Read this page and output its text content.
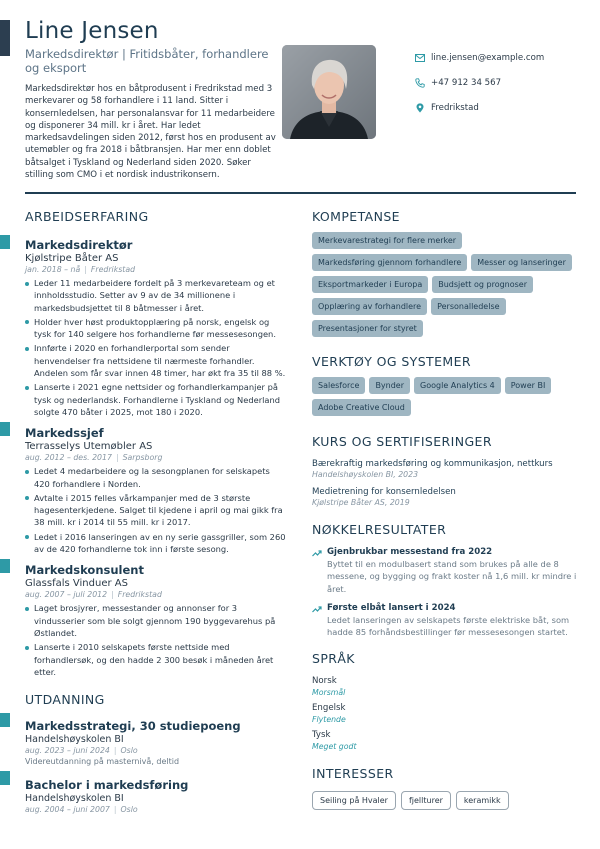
Line Jensen
Markedsdirektør | Fritidsbåter, forhandlere og eksport
Markedsdirektør hos en båtprodusent i Fredrikstad med 3 merkevarer og 58 forhandlere i 11 land. Sitter i konsernledelsen, har personalansvar for 11 medarbeidere og disponerer 34 mill. kr i året. Har ledet markedsavdelingen siden 2012, først hos en produsent av utemøbler og fra 2018 i båtbransjen. Har mer enn doblet båtsalget i Tyskland og Nederland siden 2020. Søker stilling som CMO i et nordisk industrikonsern.
line.jensen@example.com
+47 912 34 567
Fredrikstad
ARBEIDSERFARING
Markedsdirektør
Kjølstripe Båter AS
jan. 2018 – nå | Fredrikstad
Leder 11 medarbeidere fordelt på 3 merkevareteam og et innholdsstudio. Setter av 9 av de 34 millionene i markedsbudsjettet til 8 båtmesser i året.
Holder hver høst produktopplæring på norsk, engelsk og tysk for 140 selgere hos forhandlerne før messesesongen.
Innførte i 2020 en forhandlerportal som sender henvendelser fra nettsidene til nærmeste forhandler. Andelen som får svar innen 48 timer, har økt fra 35 til 88 %.
Lanserte i 2021 egne nettsider og forhandlerkampanjer på tysk og nederlandsk. Forhandlerne i Tyskland og Nederland solgte 470 båter i 2025, mot 180 i 2020.
Markedssjef
Terrasselys Utemøbler AS
aug. 2012 – des. 2017 | Sarpsborg
Ledet 4 medarbeidere og la sesongplanen for selskapets 420 forhandlere i Norden.
Avtalte i 2015 felles vårkampanjer med de 3 største hagesenterkjedene. Salget til kjedene i april og mai gikk fra 38 mill. kr i 2014 til 55 mill. kr i 2017.
Ledet i 2016 lanseringen av en ny serie gassgriller, som 260 av de 420 forhandlerne tok inn i første sesong.
Markedskonsulent
Glassfals Vinduer AS
aug. 2007 – juli 2012 | Fredrikstad
Laget brosjyrer, messestander og annonser for 3 vindusserier som ble solgt gjennom 190 byggevarehus på Østlandet.
Lanserte i 2010 selskapets første nettside med forhandlersøk, og den hadde 2 300 besøk i måneden året etter.
UTDANNING
Markedsstrategi, 30 studiepoeng
Handelshøyskolen BI
aug. 2023 – juni 2024 | Oslo
Videreutdanning på masternivå, deltid
Bachelor i markedsføring
Handelshøyskolen BI
aug. 2004 – juni 2007 | Oslo
KOMPETANSE
Merkevarestrategi for flere merker
Markedsføring gjennom forhandlere	Messer og lanseringer
Eksportmarkeder i Europa	Budsjett og prognoser
Opplæring av forhandlere	Personalledelse
Presentasjoner for styret
VERKTØY OG SYSTEMER
Salesforce	Bynder	Google Analytics 4	Power BI
Adobe Creative Cloud
KURS OG SERTIFISERINGER
Bærekraftig markedsføring og kommunikasjon, nettkurs
Handelshøyskolen BI, 2023
Medietrening for konsernledelsen
Kjølstripe Båter AS, 2019
NØKKELRESULTATER
Gjenbrukbar messestand fra 2022
Byttet til en modulbasert stand som brukes på alle de 8 messene, og bygging og frakt koster nå 1,6 mill. kr mindre i året.
Første elbåt lansert i 2024
Ledet lanseringen av selskapets første elektriske båt, som hadde 85 forhåndsbestillinger før messesesongen startet.
SPRÅK
Norsk
Morsmål
Engelsk
Flytende
Tysk
Meget godt
INTERESSER
Seiling på Hvaler	fjellturer	keramikk
